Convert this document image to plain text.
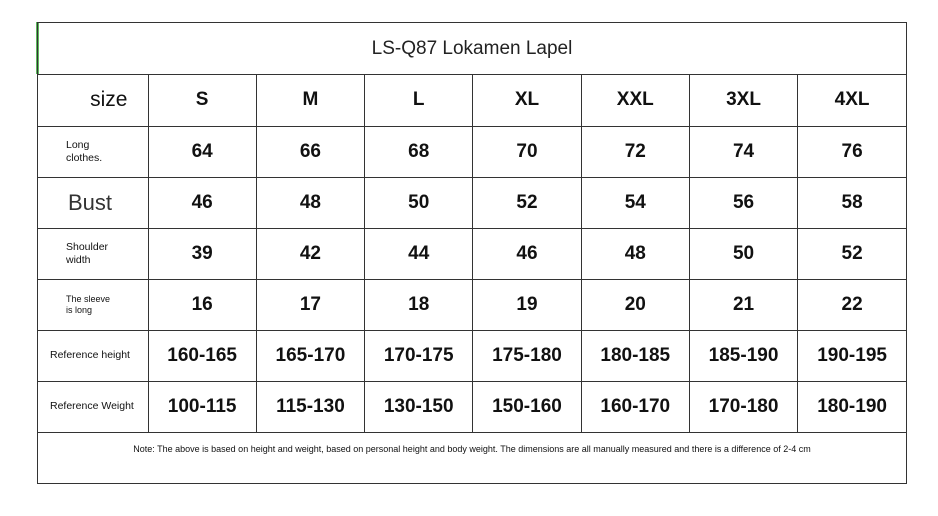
LS-Q87 Lokamen Lapel
size	S	M	L	XL	XXL	3XL	4XL
Long
clothes.	64	66	68	70	72	74	76
Bust	46	48	50	52	54	56	58
Shoulder
width	39	42	44	46	48	50	52
The sleeve
is long	16	17	18	19	20	21	22
Reference height	160-165	165-170	170-175	175-180	180-185	185-190	190-195
Reference Weight	100-115	115-130	130-150	150-160	160-170	170-180	180-190
Note: The above is based on height and weight, based on personal height and body weight. The dimensions are all manually measured and there is a difference of 2-4 cm
